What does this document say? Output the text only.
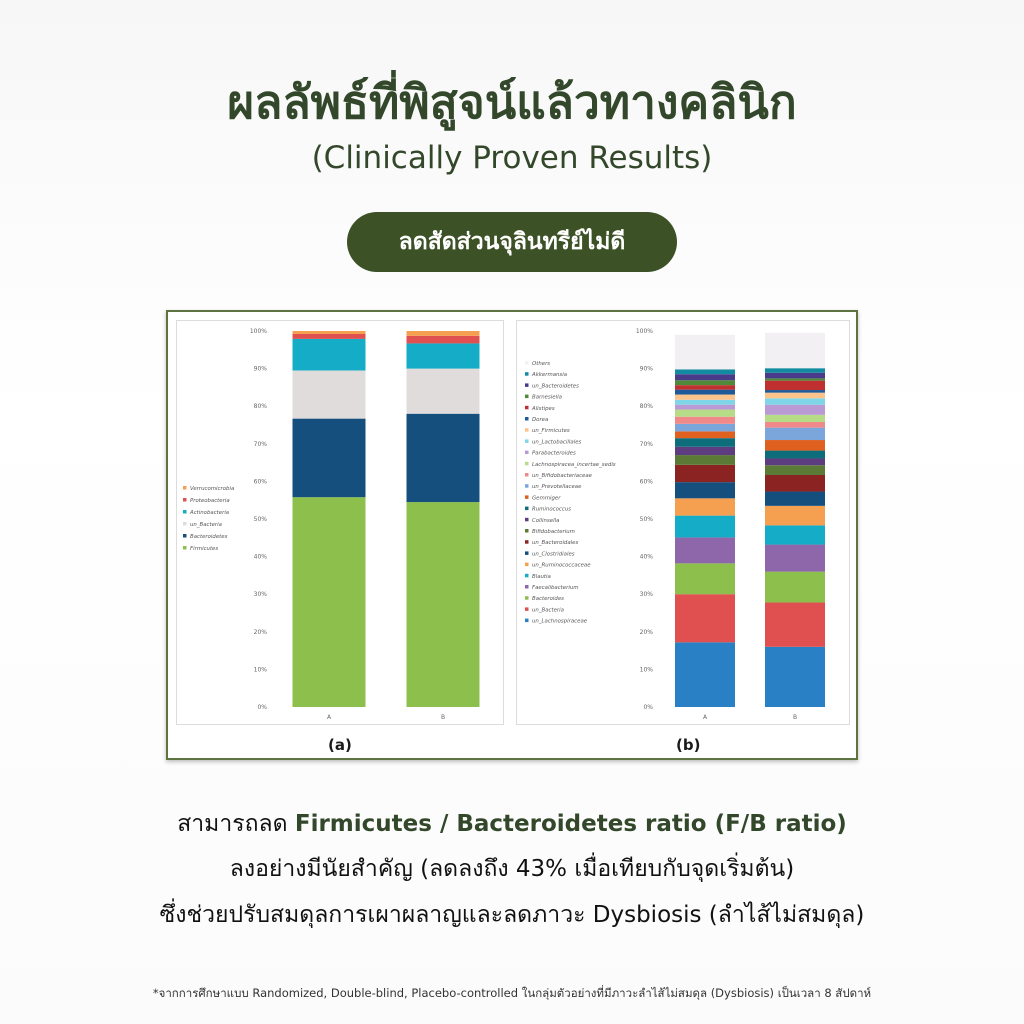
ผลลัพธ์ที่พิสูจน์แล้วทางคลินิก
(Clinically Proven Results)
ลดสัดส่วนจุลินทรีย์ไม่ดี
0%
10%
20%
30%
40%
50%
60%
70%
80%
90%
100%
A	B
Verrucomicrobia
Proteobacteria
Actinobacteria
un_Bacteria
Bacteroidetes
Firmicutes
0%
10%
20%
30%
40%
50%
60%
70%
80%
90%
100%
A	B
Others
Akkermansia
un_Bacteroidetes
Barnesiella
Alistipes
Dorea
un_Firmicutes
un_Lactobacillales
Parabacteroides
Lachnospiracea_incertae_sedis
un_Bifidobacteriaceae
un_Prevotellaceae
Gemmiger
Ruminococcus
Collinsella
Bifidobacterium
un_Bacteroidales
un_Clostridiales
un_Ruminococcaceae
Blautia
Faecalibacterium
Bacteroides
un_Bacteria
un_Lachnospiraceae
(a)	(b)
สามารถลด Firmicutes / Bacteroidetes ratio (F/B ratio)
ลงอย่างมีนัยสำคัญ (ลดลงถึง 43% เมื่อเทียบกับจุดเริ่มต้น)
ซึ่งช่วยปรับสมดุลการเผาผลาญและลดภาวะ Dysbiosis (ลำไส้ไม่สมดุล)
*จากการศึกษาแบบ Randomized, Double-blind, Placebo-controlled ในกลุ่มตัวอย่างที่มีภาวะลำไส้ไม่สมดุล (Dysbiosis) เป็นเวลา 8 สัปดาห์
